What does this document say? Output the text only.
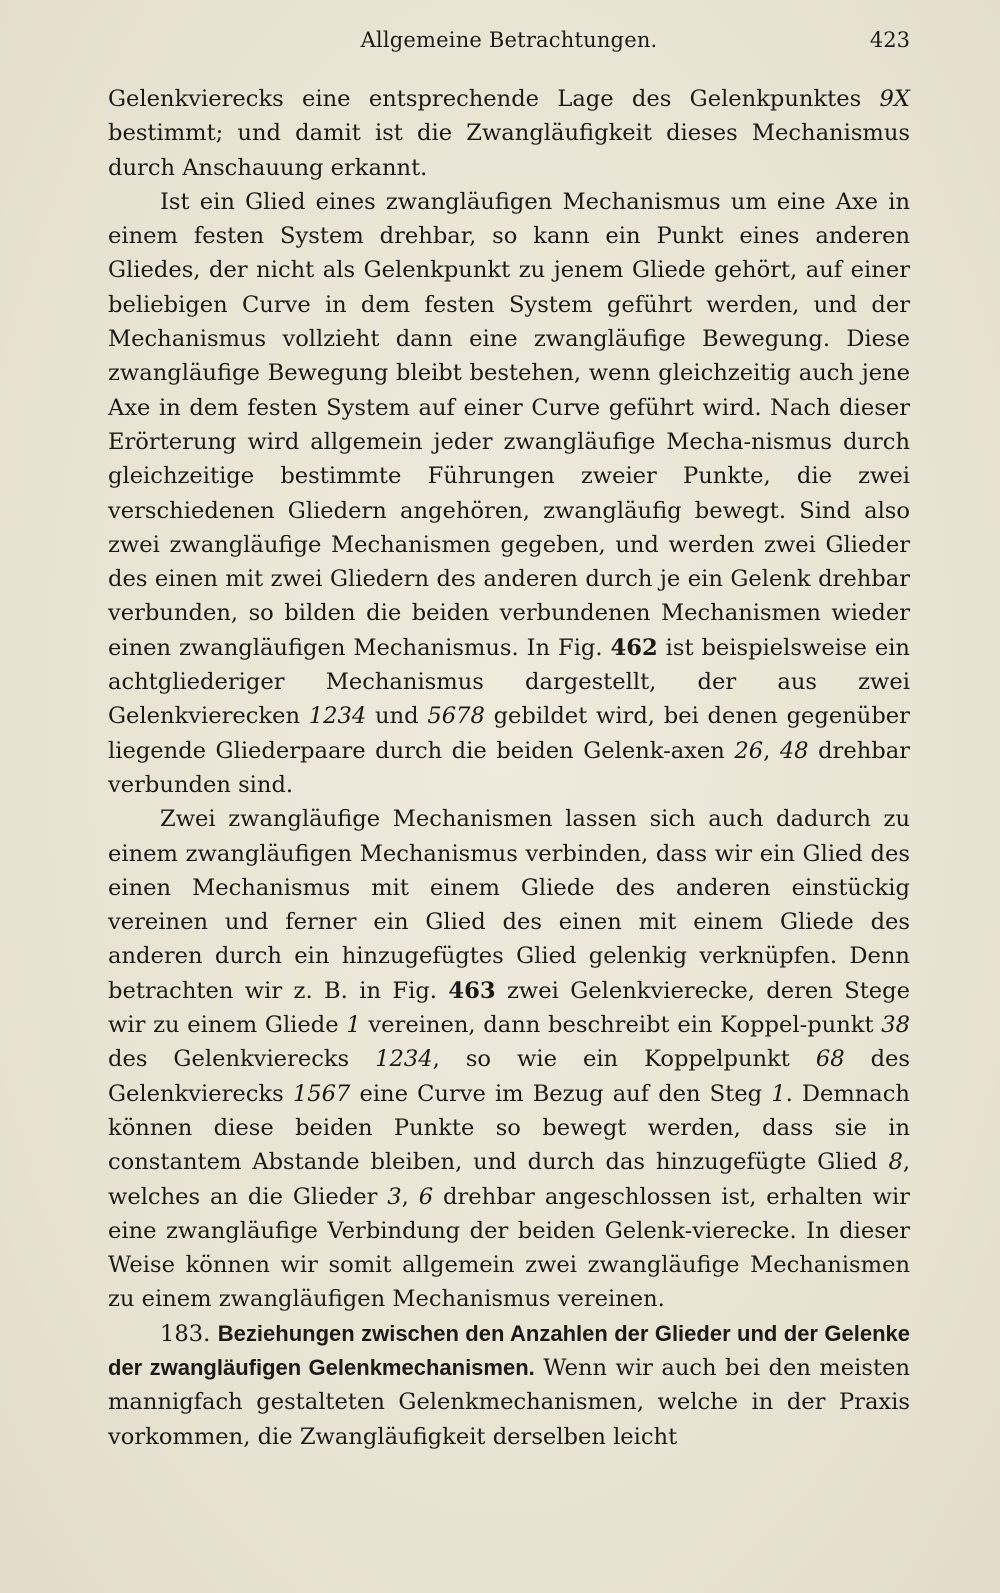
Allgemeine Betrachtungen.	423

Gelenkvierecks eine entsprechende Lage des Gelenkpunktes 9X bestimmt; und damit ist die Zwangläufigkeit dieses Mechanismus durch Anschauung erkannt.

Ist ein Glied eines zwangläufigen Mechanismus um eine Axe in einem festen System drehbar, so kann ein Punkt eines anderen Gliedes, der nicht als Gelenkpunkt zu jenem Gliede gehört, auf einer beliebigen Curve in dem festen System geführt werden, und der Mechanismus vollzieht dann eine zwangläufige Bewegung. Diese zwangläufige Bewegung bleibt bestehen, wenn gleichzeitig auch jene Axe in dem festen System auf einer Curve geführt wird. Nach dieser Erörterung wird allgemein jeder zwangläufige Mecha-nismus durch gleichzeitige bestimmte Führungen zweier Punkte, die zwei verschiedenen Gliedern angehören, zwangläufig bewegt. Sind also zwei zwangläufige Mechanismen gegeben, und werden zwei Glieder des einen mit zwei Gliedern des anderen durch je ein Gelenk drehbar verbunden, so bilden die beiden verbundenen Mechanismen wieder einen zwangläufigen Mechanismus. In Fig. 462 ist beispielsweise ein achtgliederiger Mechanismus dargestellt, der aus zwei Gelenkvierecken 1234 und 5678 gebildet wird, bei denen gegenüber liegende Gliederpaare durch die beiden Gelenk-axen 26, 48 drehbar verbunden sind.

Zwei zwangläufige Mechanismen lassen sich auch dadurch zu einem zwangläufigen Mechanismus verbinden, dass wir ein Glied des einen Mechanismus mit einem Gliede des anderen einstückig vereinen und ferner ein Glied des einen mit einem Gliede des anderen durch ein hinzugefügtes Glied gelenkig verknüpfen. Denn betrachten wir z. B. in Fig. 463 zwei Gelenkvierecke, deren Stege wir zu einem Gliede 1 vereinen, dann beschreibt ein Koppel-punkt 38 des Gelenkvierecks 1234, so wie ein Koppelpunkt 68 des Gelenkvierecks 1567 eine Curve im Bezug auf den Steg 1. Demnach können diese beiden Punkte so bewegt werden, dass sie in constantem Abstande bleiben, und durch das hinzugefügte Glied 8, welches an die Glieder 3, 6 drehbar angeschlossen ist, erhalten wir eine zwangläufige Verbindung der beiden Gelenk-vierecke. In dieser Weise können wir somit allgemein zwei zwangläufige Mechanismen zu einem zwangläufigen Mechanismus vereinen.

183. Beziehungen zwischen den Anzahlen der Glieder und der Gelenke der zwangläufigen Gelenkmechanismen. Wenn wir auch bei den meisten mannigfach gestalteten Gelenkmechanismen, welche in der Praxis vorkommen, die Zwangläufigkeit derselben leicht
